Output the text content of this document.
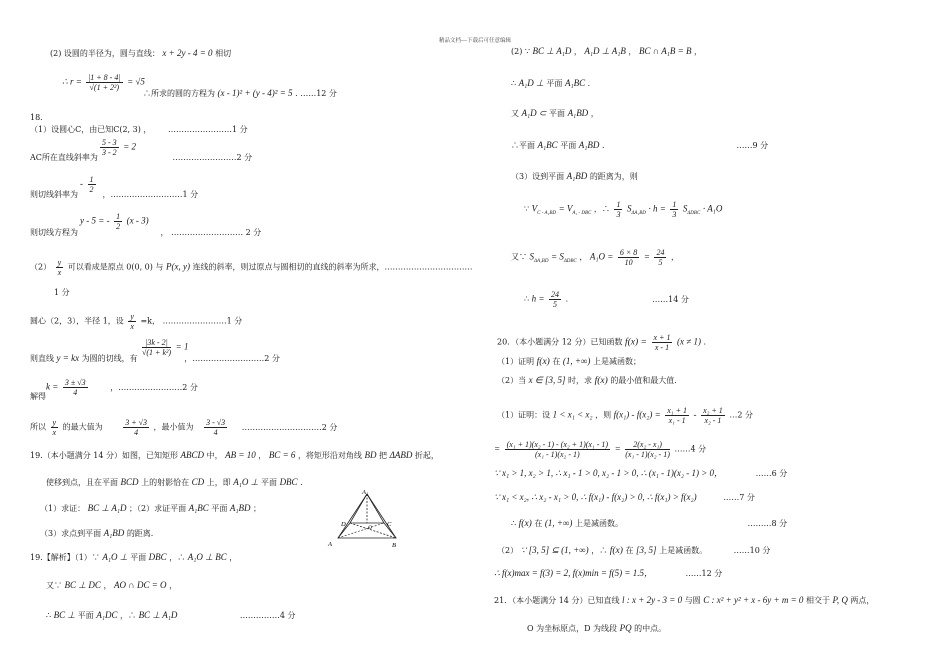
精品文档---下载后可任意编辑
(2) 设圆的半径为，圆与直线： x + 2y - 4 = 0 相切
∴ $r = \frac{|1 + 8 - 4|}{\text{√(1 + 2²)}} = √5$
∴所求的圆的方程为 (x - 1)² + (y - 4)² = 5 . ……12 分
18.
（1）设圆心C，由已知C(2, 3) ， ……………………1 分
$\frac{5 - 3}{3 - 2} = 2$
AC所在直线斜率为	……………………2 分
- $\frac{1}{2}$
则切线斜率为	，………………………1 分
y - 5 = - $\frac{1}{2} (x - 3)$
则切线方程为	， ……………………… 2 分
$(2) \frac{y}{x}$ 可以看成是原点 0(0, 0) 与 P(x, y) 连线的斜率，则过原点与圆相切的直线的斜率为所求，……………………………
1 分
圆心（2，3），半径 1，设 $\frac{y}{x} =k$， ……………………1 分
$\frac{|3k - 2|}{\text{√(1 + k²)}} = 1$
则直线 y = kx 为圆的切线，有	，………………………2 分
$k = \frac{3 \pm √3}{4}$	，……………………2 分
解得
所以 $\frac{y}{x}$ 的最大值为	$\frac{3 + √3}{4}$ ，最小值为 $\frac{3 - √3}{4}$ …………………………2 分
19.（本小题满分 14 分）如图，已知矩形 ABCD 中， AB = 10 ， BC = 6 ，将矩形沿对角线 BD 把 ΔABD 折起，
使移到点，且在平面 BCD 上的射影恰在 CD 上，即 A₁O ⊥ 平面 DBC ．
（1）求证： BC ⊥ A₁D ；（2）求证平面 A₁BC 平面 A₁BD ；
（3）求点到平面 A₁BD 的距离.
19.【解析】（1）∵ A₁O ⊥ 平面 DBC ，∴ A₁O ⊥ BC ，
又∵ BC ⊥ DC ， AO ∩ DC = O ，
∴ BC ⊥ 平面 A₁DC ，∴ BC ⊥ A₁D	……………4 分
A₁
D	O C
A	B
(2) ∵ BC ⊥ A₁D ， A₁D ⊥ A₁B ， BC ∩ A₁B = B ，
∴ A₁D ⊥ 平面 A₁BC ．
又 A₁D ⊂ 平面 A₁BD ，
∴平面 A₁BC 平面 A₁BD ．	……9 分
（3）设到平面 A₁BD 的距离为，则
∵ $V_{C - A_1BD} = V_{A_1 - DBC}$ ，∴ $\frac{1}{3} S_{\Delta A_1BD} \cdot h = \frac{1}{3} S_{\Delta DBC} \cdot A_1O$
又∵ $S_{\Delta A_1BD} = S_{\Delta DBC}$ ， $A_1O = \frac{6 \times 8}{10} = \frac{24}{5}$ ，
∴ $h = \frac{24}{5}$ ．	……14 分
20．（本小题满分 12 分）已知函数 $f(x) = \frac{x + 1}{x - 1} (x \ne 1)$ ．
（1）证明 f(x) 在 (1, +∞) 上是减函数；
（2）当 x ∈ [3, 5] 时，求 f(x) 的最小值和最大值．
（1）证明：设 1 < x₁ < x₂ ，则 $f(x_1) - f(x_2) = \frac{\text{x₁ + 1}}{\text{x₁ - 1}} - \frac{\text{x₂ + 1}}{\text{x₂ - 1}}$ …2 分
= $\frac{\text{(x₁ + 1)(x₂ - 1) - (x₂ + 1)(x₁ - 1)}}{\text{(x₁ - 1)(x₂ - 1)}} = \frac{\text{2(x₂ - x₁)}}{\text{(x₁ - 1)(x₂ - 1)}}$ ……4 分
∵ x₁ > 1, x₂ > 1, ∴ x₁ - 1 > 0, x₂ - 1 > 0, ∴ (x₁ - 1)(x₂ - 1) > 0，	……6 分
∵ x₁ < x₂, ∴ x₂ - x₁ > 0, ∴ f(x₁) - f(x₂) > 0, ∴ f(x₁) > f(x₂)	……7 分
∴ f(x) 在 (1, +∞) 上是减函数。	………8 分
（2） ∵ [3, 5] ⊆ (1, +∞) ，∴ f(x) 在 [3, 5] 上是减函数。	……10 分
∴ f(x)max = f(3) = 2, f(x)min = f(5) = 1.5，	……12 分
21．（本小题满分 14 分）已知直线 l : x + 2y - 3 = 0 与圆 C : x² + y² + x - 6y + m = 0 相交于 P, Q 两点，
O 为坐标原点，D 为线段 PQ 的中点。
